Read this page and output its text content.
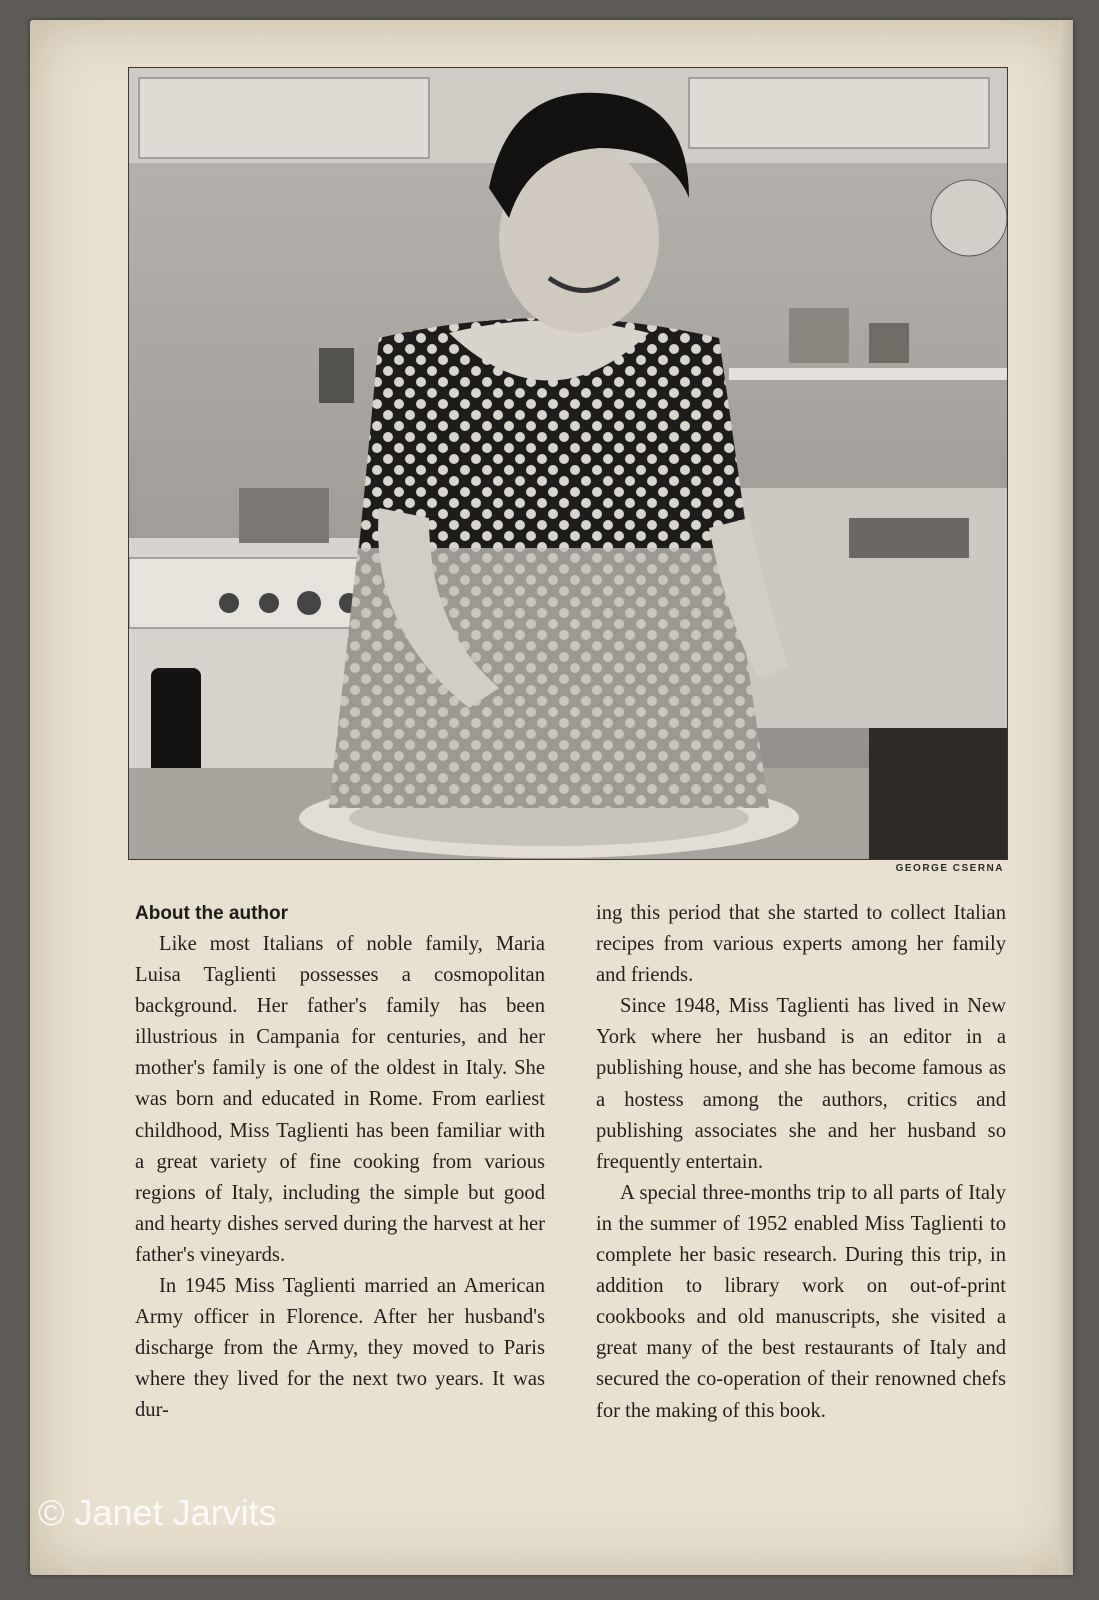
GEORGE CSERNA

About the author

Like most Italians of noble family, Maria Luisa Taglienti possesses a cosmopolitan background. Her father's family has been illustrious in Campania for centuries, and her mother's family is one of the oldest in Italy. She was born and educated in Rome. From earliest childhood, Miss Taglienti has been familiar with a great variety of fine cooking from various regions of Italy, including the simple but good and hearty dishes served during the harvest at her father's vineyards.

In 1945 Miss Taglienti married an American Army officer in Florence. After her husband's discharge from the Army, they moved to Paris where they lived for the next two years. It was dur-

ing this period that she started to collect Italian recipes from various experts among her family and friends.

Since 1948, Miss Taglienti has lived in New York where her husband is an editor in a publishing house, and she has become famous as a hostess among the authors, critics and publishing associates she and her husband so frequently entertain.

A special three-months trip to all parts of Italy in the summer of 1952 enabled Miss Taglienti to complete her basic research. During this trip, in addition to library work on out-of-print cookbooks and old manuscripts, she visited a great many of the best restaurants of Italy and secured the co-operation of their renowned chefs for the making of this book.

© Janet Jarvits
